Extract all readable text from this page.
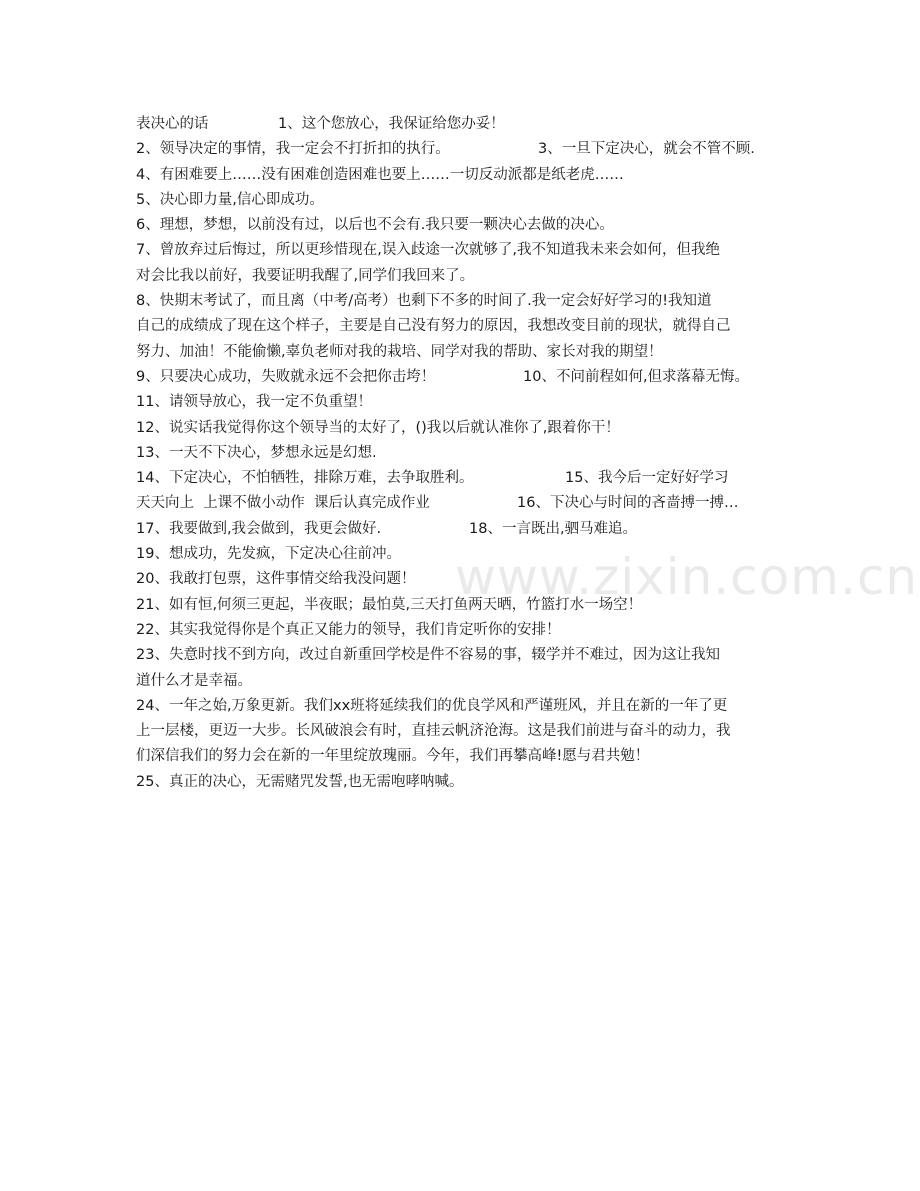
www.zixin.com.cn
表决心的话	1、这个您放心，我保证给您办妥！
2、领导决定的事情，我一定会不打折扣的执行。	3、一旦下定决心，就会不管不顾.
4、有困难要上……没有困难创造困难也要上……一切反动派都是纸老虎……
5、决心即力量,信心即成功。
6、理想，梦想，以前没有过，以后也不会有.我只要一颗决心去做的决心。
7、曾放弃过后悔过，所以更珍惜现在,误入歧途一次就够了,我不知道我未来会如何，但我绝
对会比我以前好，我要证明我醒了,同学们我回来了。
8、快期末考试了，而且离（中考/高考）也剩下不多的时间了.我一定会好好学习的!我知道
自己的成绩成了现在这个样子，主要是自己没有努力的原因，我想改变目前的现状，就得自己
努力、加油！不能偷懒,辜负老师对我的栽培、同学对我的帮助、家长对我的期望！
9、只要决心成功，失败就永远不会把你击垮！	10、不问前程如何,但求落幕无悔。
11、请领导放心，我一定不负重望！
12、说实话我觉得你这个领导当的太好了，()我以后就认准你了,跟着你干！
13、一天不下决心，梦想永远是幻想.
14、下定决心，不怕牺牲，排除万难，去争取胜利。	15、我今后一定好好学习
天天向上  上课不做小动作  课后认真完成作业	16、下决心与时间的吝啬搏一搏…
17、我要做到,我会做到，我更会做好.	18、一言既出,驷马难追。
19、想成功，先发疯，下定决心往前冲。
20、我敢打包票，这件事情交给我没问题！
21、如有恒,何须三更起，半夜眠；最怕莫,三天打鱼两天晒，竹篮打水一场空！
22、其实我觉得你是个真正又能力的领导，我们肯定听你的安排！
23、失意时找不到方向，改过自新重回学校是件不容易的事，辍学并不难过，因为这让我知
道什么才是幸福。
24、一年之始,万象更新。我们xx班将延续我们的优良学风和严谨班风，并且在新的一年了更
上一层楼，更迈一大步。长风破浪会有时，直挂云帆济沧海。这是我们前进与奋斗的动力，我
们深信我们的努力会在新的一年里绽放瑰丽。今年，我们再攀高峰!愿与君共勉！
25、真正的决心，无需赌咒发誓,也无需咆哮呐喊。
